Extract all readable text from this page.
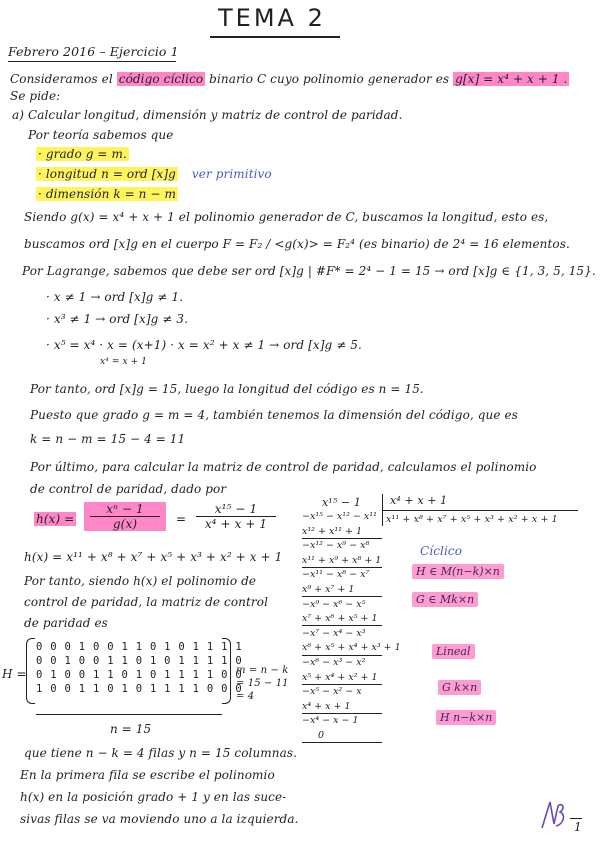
TEMA 2
Febrero 2016 – Ejercicio 1
Consideramos el código cíclico binario C cuyo polinomio generador es g[x] = x⁴ + x + 1 .
Se pide:
a) Calcular longitud, dimensión y matriz de control de paridad.
Por teoría sabemos que
· grado g = m.
· longitud n = ord [x]g ver primitivo
· dimensión k = n − m
Siendo g(x) = x⁴ + x + 1 el polinomio generador de C, buscamos la longitud, esto es,
buscamos ord [x]g en el cuerpo F = F₂ / <g(x)> = F₂⁴ (es binario) de 2⁴ = 16 elementos.
Por Lagrange, sabemos que debe ser ord [x]g | #F* = 2⁴ − 1 = 15 → ord [x]g ∈ {1, 3, 5, 15}.
· x ≠ 1 → ord [x]g ≠ 1.
· x³ ≠ 1 → ord [x]g ≠ 3.
· x⁵ = x⁴ · x = (x+1) · x = x² + x ≠ 1 → ord [x]g ≠ 5.
x⁴ = x + 1
Por tanto, ord [x]g = 15, luego la longitud del código es n = 15.
Puesto que grado g = m = 4, también tenemos la dimensión del código, que es
k = n − m = 15 − 4 = 11
Por último, para calcular la matriz de control de paridad, calculamos el polinomio
de control de paridad, dado por
$h(x) = \frac{\text{xⁿ − 1}}{g(x)} = \frac{\text{x¹⁵ − 1}}{\text{x⁴ + x + 1}}$
h(x) = x¹¹ + x⁸ + x⁷ + x⁵ + x³ + x² + x + 1
Por tanto, siendo h(x) el polinomio de
control de paridad, la matriz de control
de paridad es
H =
0 0 0 1 0 0 1 1 0 1 0 1 1 1 1
0 0 1 0 0 1 1 0 1 0 1 1 1 1 0
0 1 0 0 1 1 0 1 0 1 1 1 1 0 0
1 0 0 1 1 0 1 0 1 1 1 1 0 0 0
m = n − k = 15 − 11 = 4
n = 15
que tiene n − k = 4 filas y n = 15 columnas.
En la primera fila se escribe el polinomio
h(x) en la posición grado + 1 y en las suce-
sivas filas se va moviendo uno a la izquierda.
x¹⁵ − 1	x⁴ + x + 1
x¹¹ + x⁸ + x⁷ + x⁵ + x³ + x² + x + 1
−x¹⁵ − x¹² − x¹¹
x¹² + x¹¹ + 1
−x¹² − x⁹ − x⁸
x¹¹ + x⁹ + x⁸ + 1
−x¹¹ − x⁸ − x⁷
x⁹ + x⁷ + 1
−x⁹ − x⁶ − x⁵
x⁷ + x⁶ + x⁵ + 1
−x⁷ − x⁴ − x³
x⁶ + x⁵ + x⁴ + x³ + 1
−x⁶ − x³ − x²
x⁵ + x⁴ + x² + 1
−x⁵ − x² − x
x⁴ + x + 1
−x⁴ − x − 1
0
Cíclico
H ∈ M(n−k)×n
G ∈ Mk×n
Lineal
G k×n
H n−k×n
1
